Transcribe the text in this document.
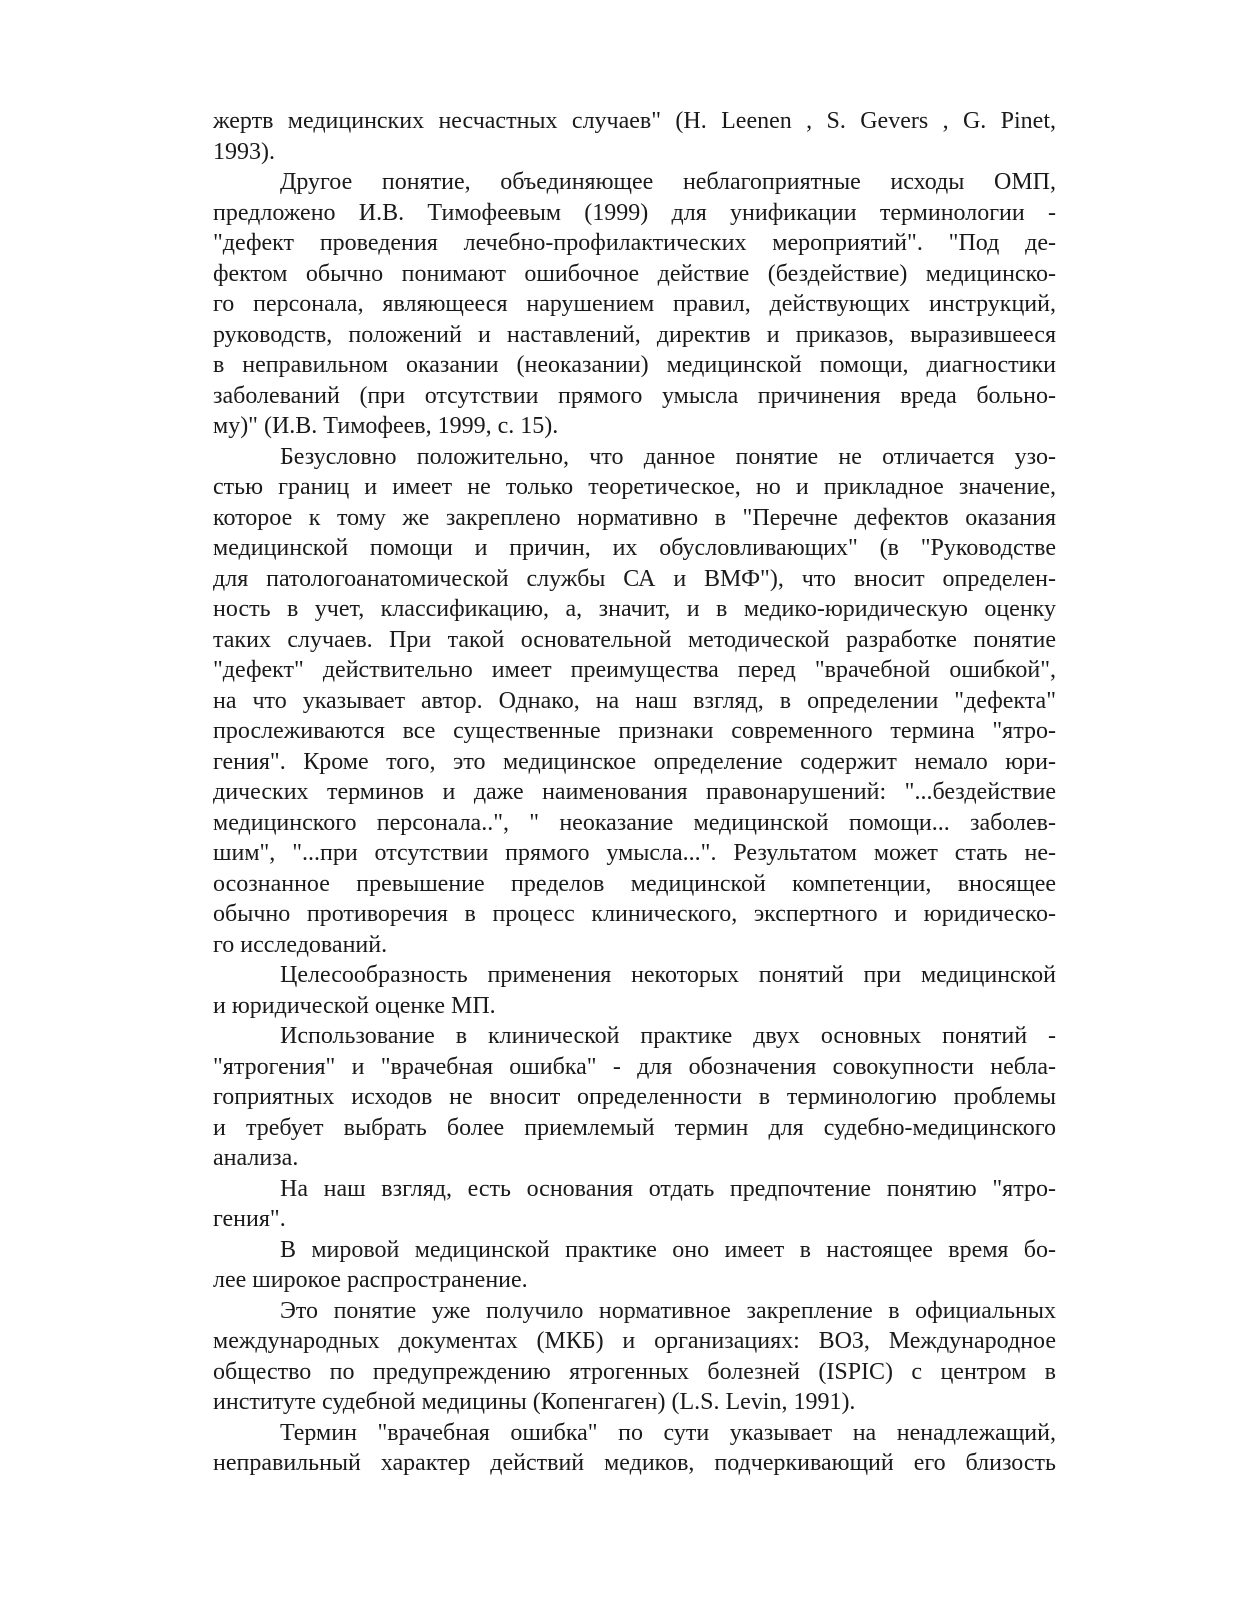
жертв медицинских несчастных случаев" (H. Leenen , S. Gevers , G. Pinet,
1993).
Другое понятие, объединяющее неблагоприятные исходы ОМП,
предложено И.В. Тимофеевым (1999) для унификации терминологии -
"дефект проведения лечебно-профилактических мероприятий". "Под де-
фектом обычно понимают ошибочное действие (бездействие) медицинско-
го персонала, являющееся нарушением правил, действующих инструкций,
руководств, положений и наставлений, директив и приказов, выразившееся
в неправильном оказании (неоказании) медицинской помощи, диагностики
заболеваний (при отсутствии прямого умысла причинения вреда больно-
му)" (И.В. Тимофеев, 1999, с. 15).
Безусловно положительно, что данное понятие не отличается узо-
стью границ и имеет не только теоретическое, но и прикладное значение,
которое к тому же закреплено нормативно в "Перечне дефектов оказания
медицинской помощи и причин, их обусловливающих" (в "Руководстве
для патологоанатомической службы СА и ВМФ"), что вносит определен-
ность в учет, классификацию, а, значит, и в медико-юридическую оценку
таких случаев. При такой основательной методической разработке понятие
"дефект" действительно имеет преимущества перед "врачебной ошибкой",
на что указывает автор. Однако, на наш взгляд, в определении "дефекта"
прослеживаются все существенные признаки современного термина "ятро-
гения". Кроме того, это медицинское определение содержит немало юри-
дических терминов и даже наименования правонарушений: "...бездействие
медицинского персонала..", " неоказание медицинской помощи... заболев-
шим", "...при отсутствии прямого умысла...". Результатом может стать не-
осознанное превышение пределов медицинской компетенции, вносящее
обычно противоречия в процесс клинического, экспертного и юридическо-
го исследований.
Целесообразность применения некоторых понятий при медицинской
и юридической оценке МП.
Использование в клинической практике двух основных понятий -
"ятрогения" и "врачебная ошибка" - для обозначения совокупности небла-
гоприятных исходов не вносит определенности в терминологию проблемы
и требует выбрать более приемлемый термин для судебно-медицинского
анализа.
На наш взгляд, есть основания отдать предпочтение понятию "ятро-
гения".
В мировой медицинской практике оно имеет в настоящее время бо-
лее широкое распространение.
Это понятие уже получило нормативное закрепление в официальных
международных документах (МКБ) и организациях: ВОЗ, Международное
общество по предупреждению ятрогенных болезней (ISPIC) с центром в
институте судебной медицины (Копенгаген) (L.S. Levin, 1991).
Термин "врачебная ошибка" по сути указывает на ненадлежащий,
неправильный характер действий медиков, подчеркивающий его близость
